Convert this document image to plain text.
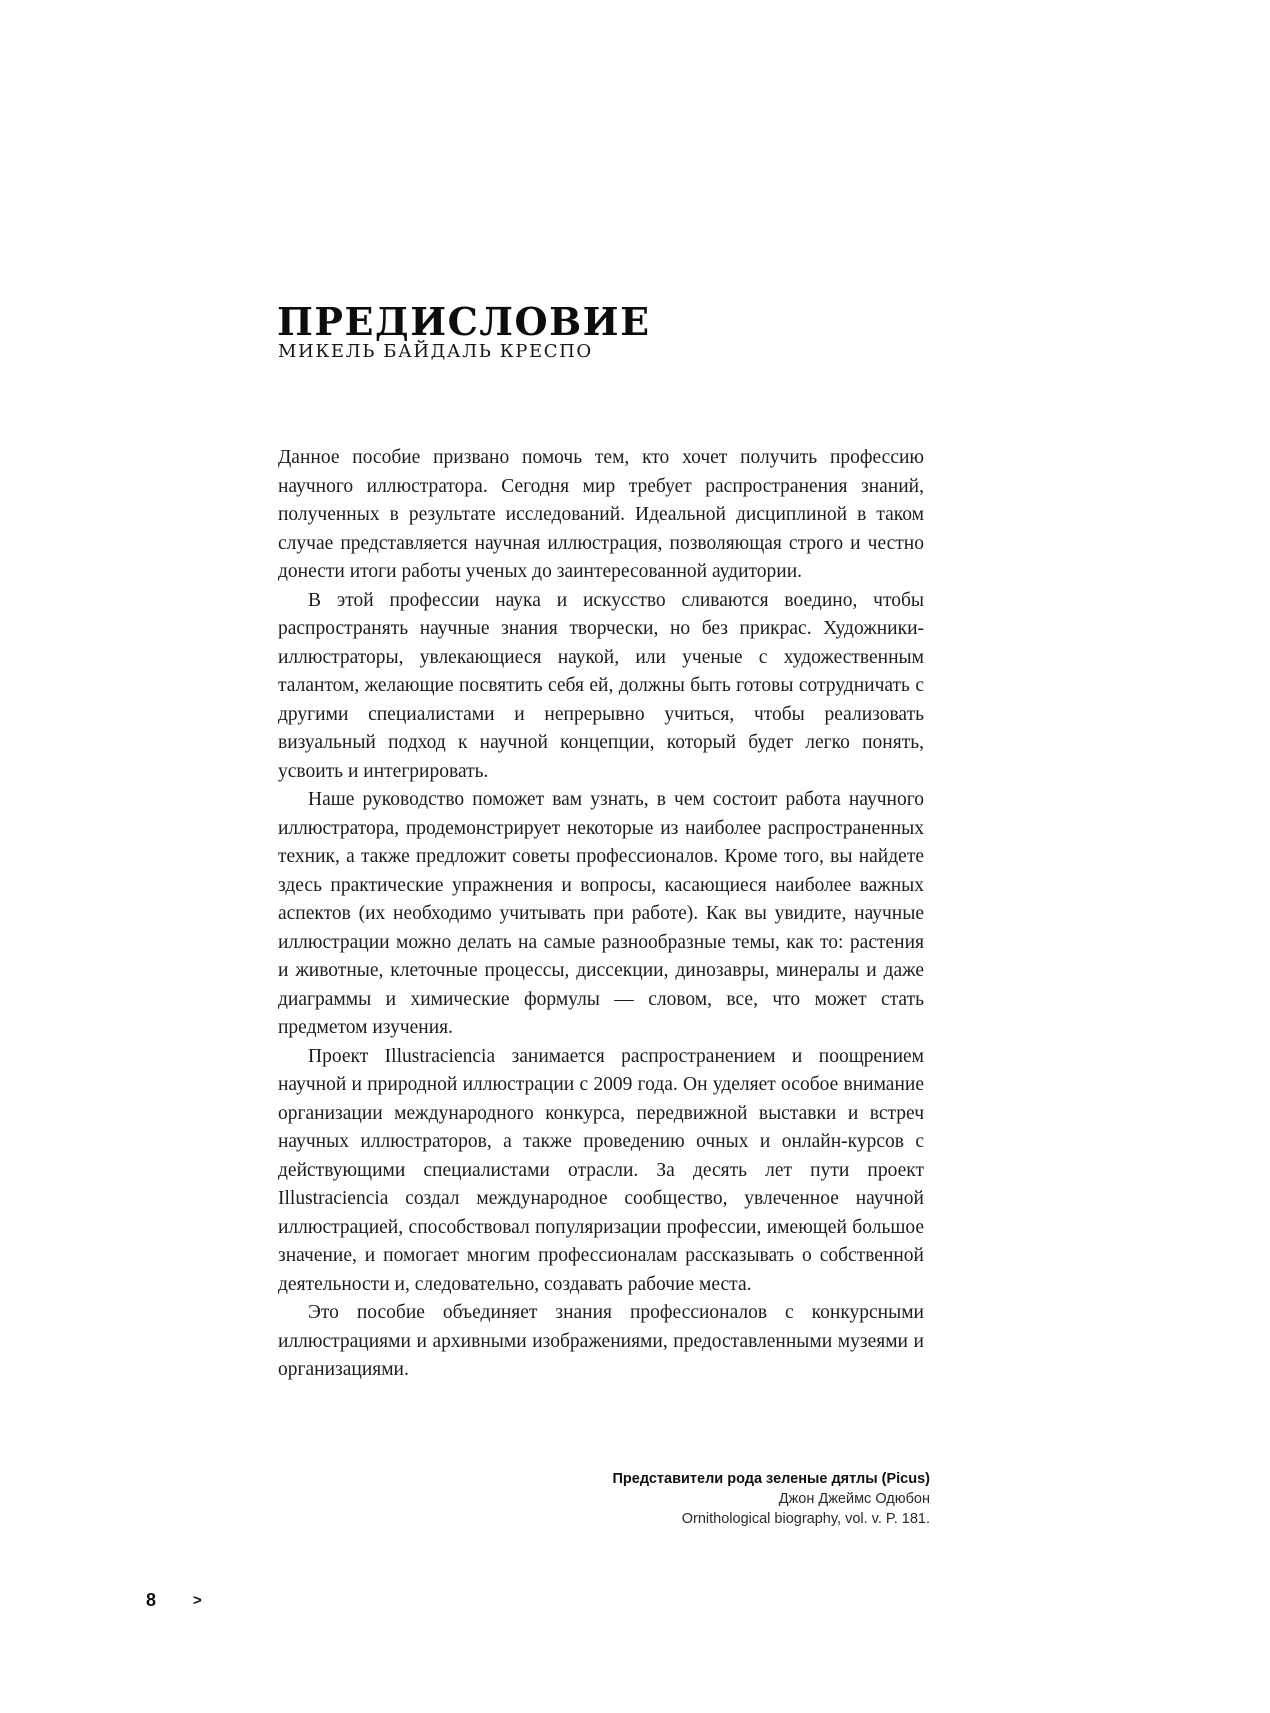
ПРЕДИСЛОВИЕ
МИКЕЛЬ БАЙДАЛЬ КРЕСПО

Данное пособие призвано помочь тем, кто хочет получить профессию научного иллюстратора. Сегодня мир требует распространения знаний, полученных в результате исследований. Идеальной дисциплиной в таком случае представляется научная иллюстрация, позволяющая строго и честно донести итоги работы ученых до заинтересованной аудитории.

В этой профессии наука и искусство сливаются воедино, чтобы распространять научные знания творчески, но без прикрас. Художники-иллюстраторы, увлекающиеся наукой, или ученые с художественным талантом, желающие посвятить себя ей, должны быть готовы сотрудничать с другими специалистами и непрерывно учиться, чтобы реализовать визуальный подход к научной концепции, который будет легко понять, усвоить и интегрировать.

Наше руководство поможет вам узнать, в чем состоит работа научного иллюстратора, продемонстрирует некоторые из наиболее распространенных техник, а также предложит советы профессионалов. Кроме того, вы найдете здесь практические упражнения и вопросы, касающиеся наиболее важных аспектов (их необходимо учитывать при работе). Как вы увидите, научные иллюстрации можно делать на самые разнообразные темы, как то: растения и животные, клеточные процессы, диссекции, динозавры, минералы и даже диаграммы и химические формулы — словом, все, что может стать предметом изучения.

Проект Illustraciencia занимается распространением и поощрением научной и природной иллюстрации с 2009 года. Он уделяет особое внимание организации международного конкурса, передвижной выставки и встреч научных иллюстраторов, а также проведению очных и онлайн-курсов с действующими специалистами отрасли. За десять лет пути проект Illustraciencia создал международное сообщество, увлеченное научной иллюстрацией, способствовал популяризации профессии, имеющей большое значение, и помогает многим профессионалам рассказывать о собственной деятельности и, следовательно, создавать рабочие места.

Это пособие объединяет знания профессионалов с конкурсными иллюстрациями и архивными изображениями, предоставленными музеями и организациями.

Представители рода зеленые дятлы (Picus)
Джон Джеймс Одюбон
Ornithological biography, vol. v. P. 181.
8 >
